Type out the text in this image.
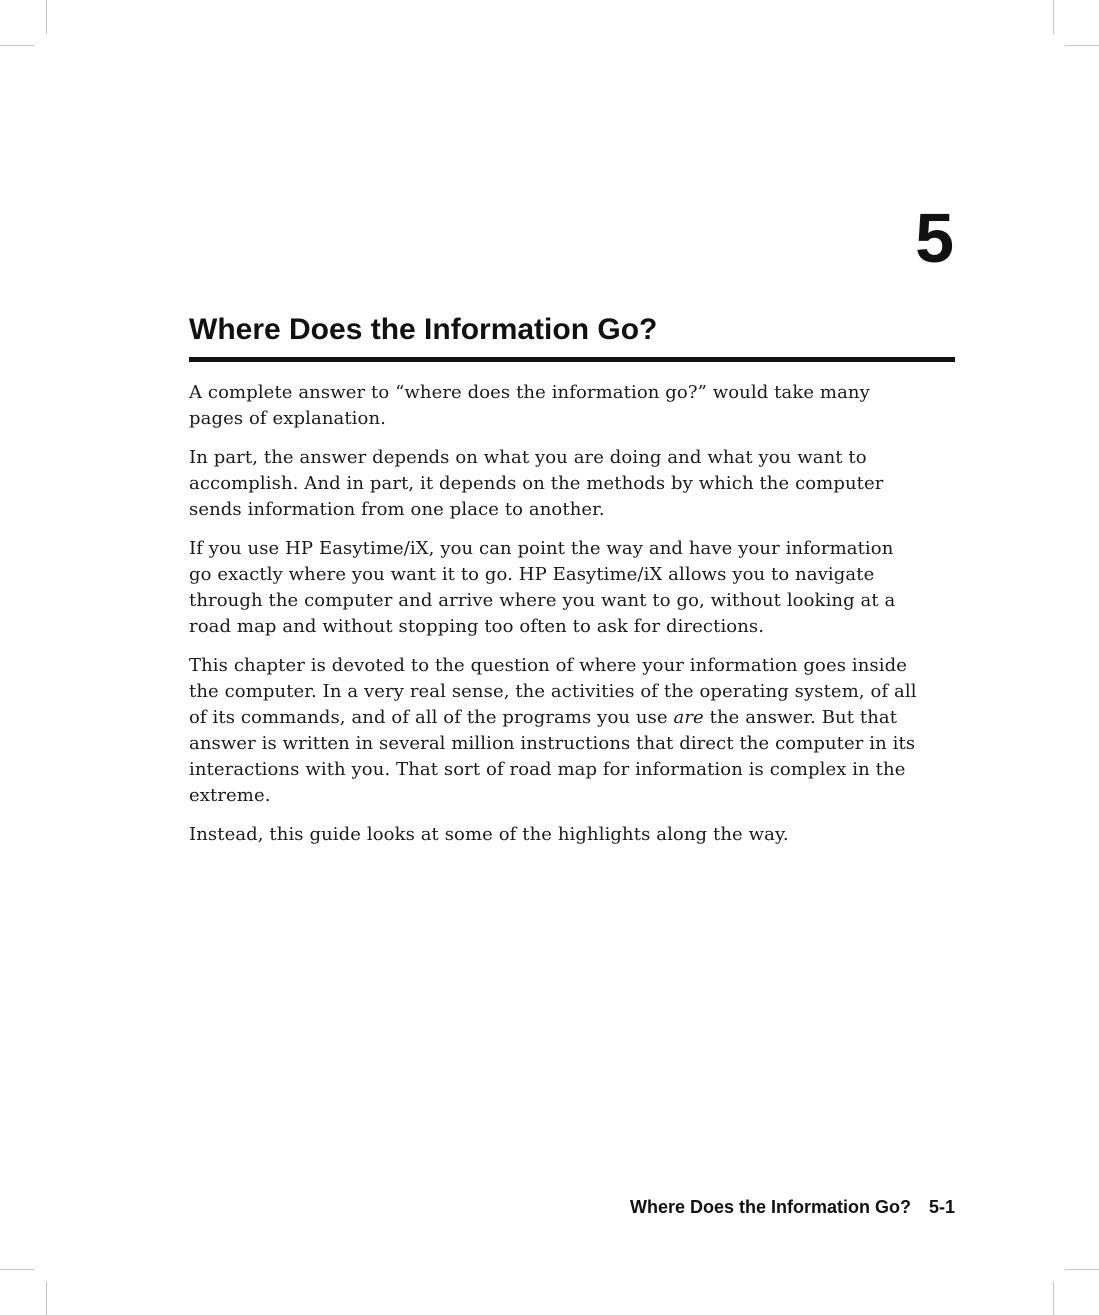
5
Where Does the Information Go?

A complete answer to “where does the information go?” would take many
pages of explanation.

In part, the answer depends on what you are doing and what you want to
accomplish. And in part, it depends on the methods by which the computer
sends information from one place to another.

If you use HP Easytime/iX, you can point the way and have your information
go exactly where you want it to go. HP Easytime/iX allows you to navigate
through the computer and arrive where you want to go, without looking at a
road map and without stopping too often to ask for directions.

This chapter is devoted to the question of where your information goes inside
the computer. In a very real sense, the activities of the operating system, of all
of its commands, and of all of the programs you use are the answer. But that
answer is written in several million instructions that direct the computer in its
interactions with you. That sort of road map for information is complex in the
extreme.

Instead, this guide looks at some of the highlights along the way.

Where Does the Information Go? 5-1
